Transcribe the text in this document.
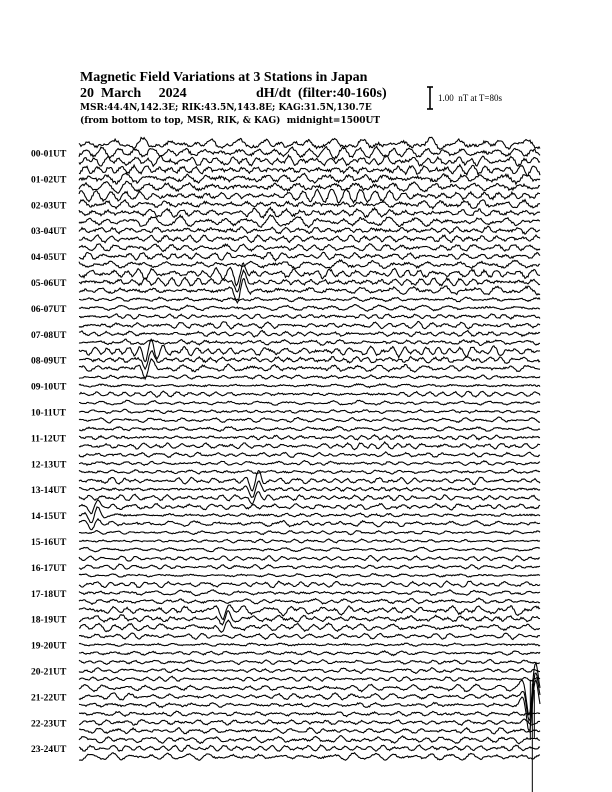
Magnetic Field Variations at 3 Stations in Japan
20  March     2024	dH/dt  (filter:40-160s)
MSR:44.4N,142.3E; RIK:43.5N,143.8E; KAG:31.5N,130.7E
(from bottom to top, MSR, RIK, & KAG)  midnight=1500UT
1.00  nT at T=80s
00-01UT
01-02UT
02-03UT
03-04UT
04-05UT
05-06UT
06-07UT
07-08UT
08-09UT
09-10UT
10-11UT
11-12UT
12-13UT
13-14UT
14-15UT
15-16UT
16-17UT
17-18UT
18-19UT
19-20UT
20-21UT
21-22UT
22-23UT
23-24UT
